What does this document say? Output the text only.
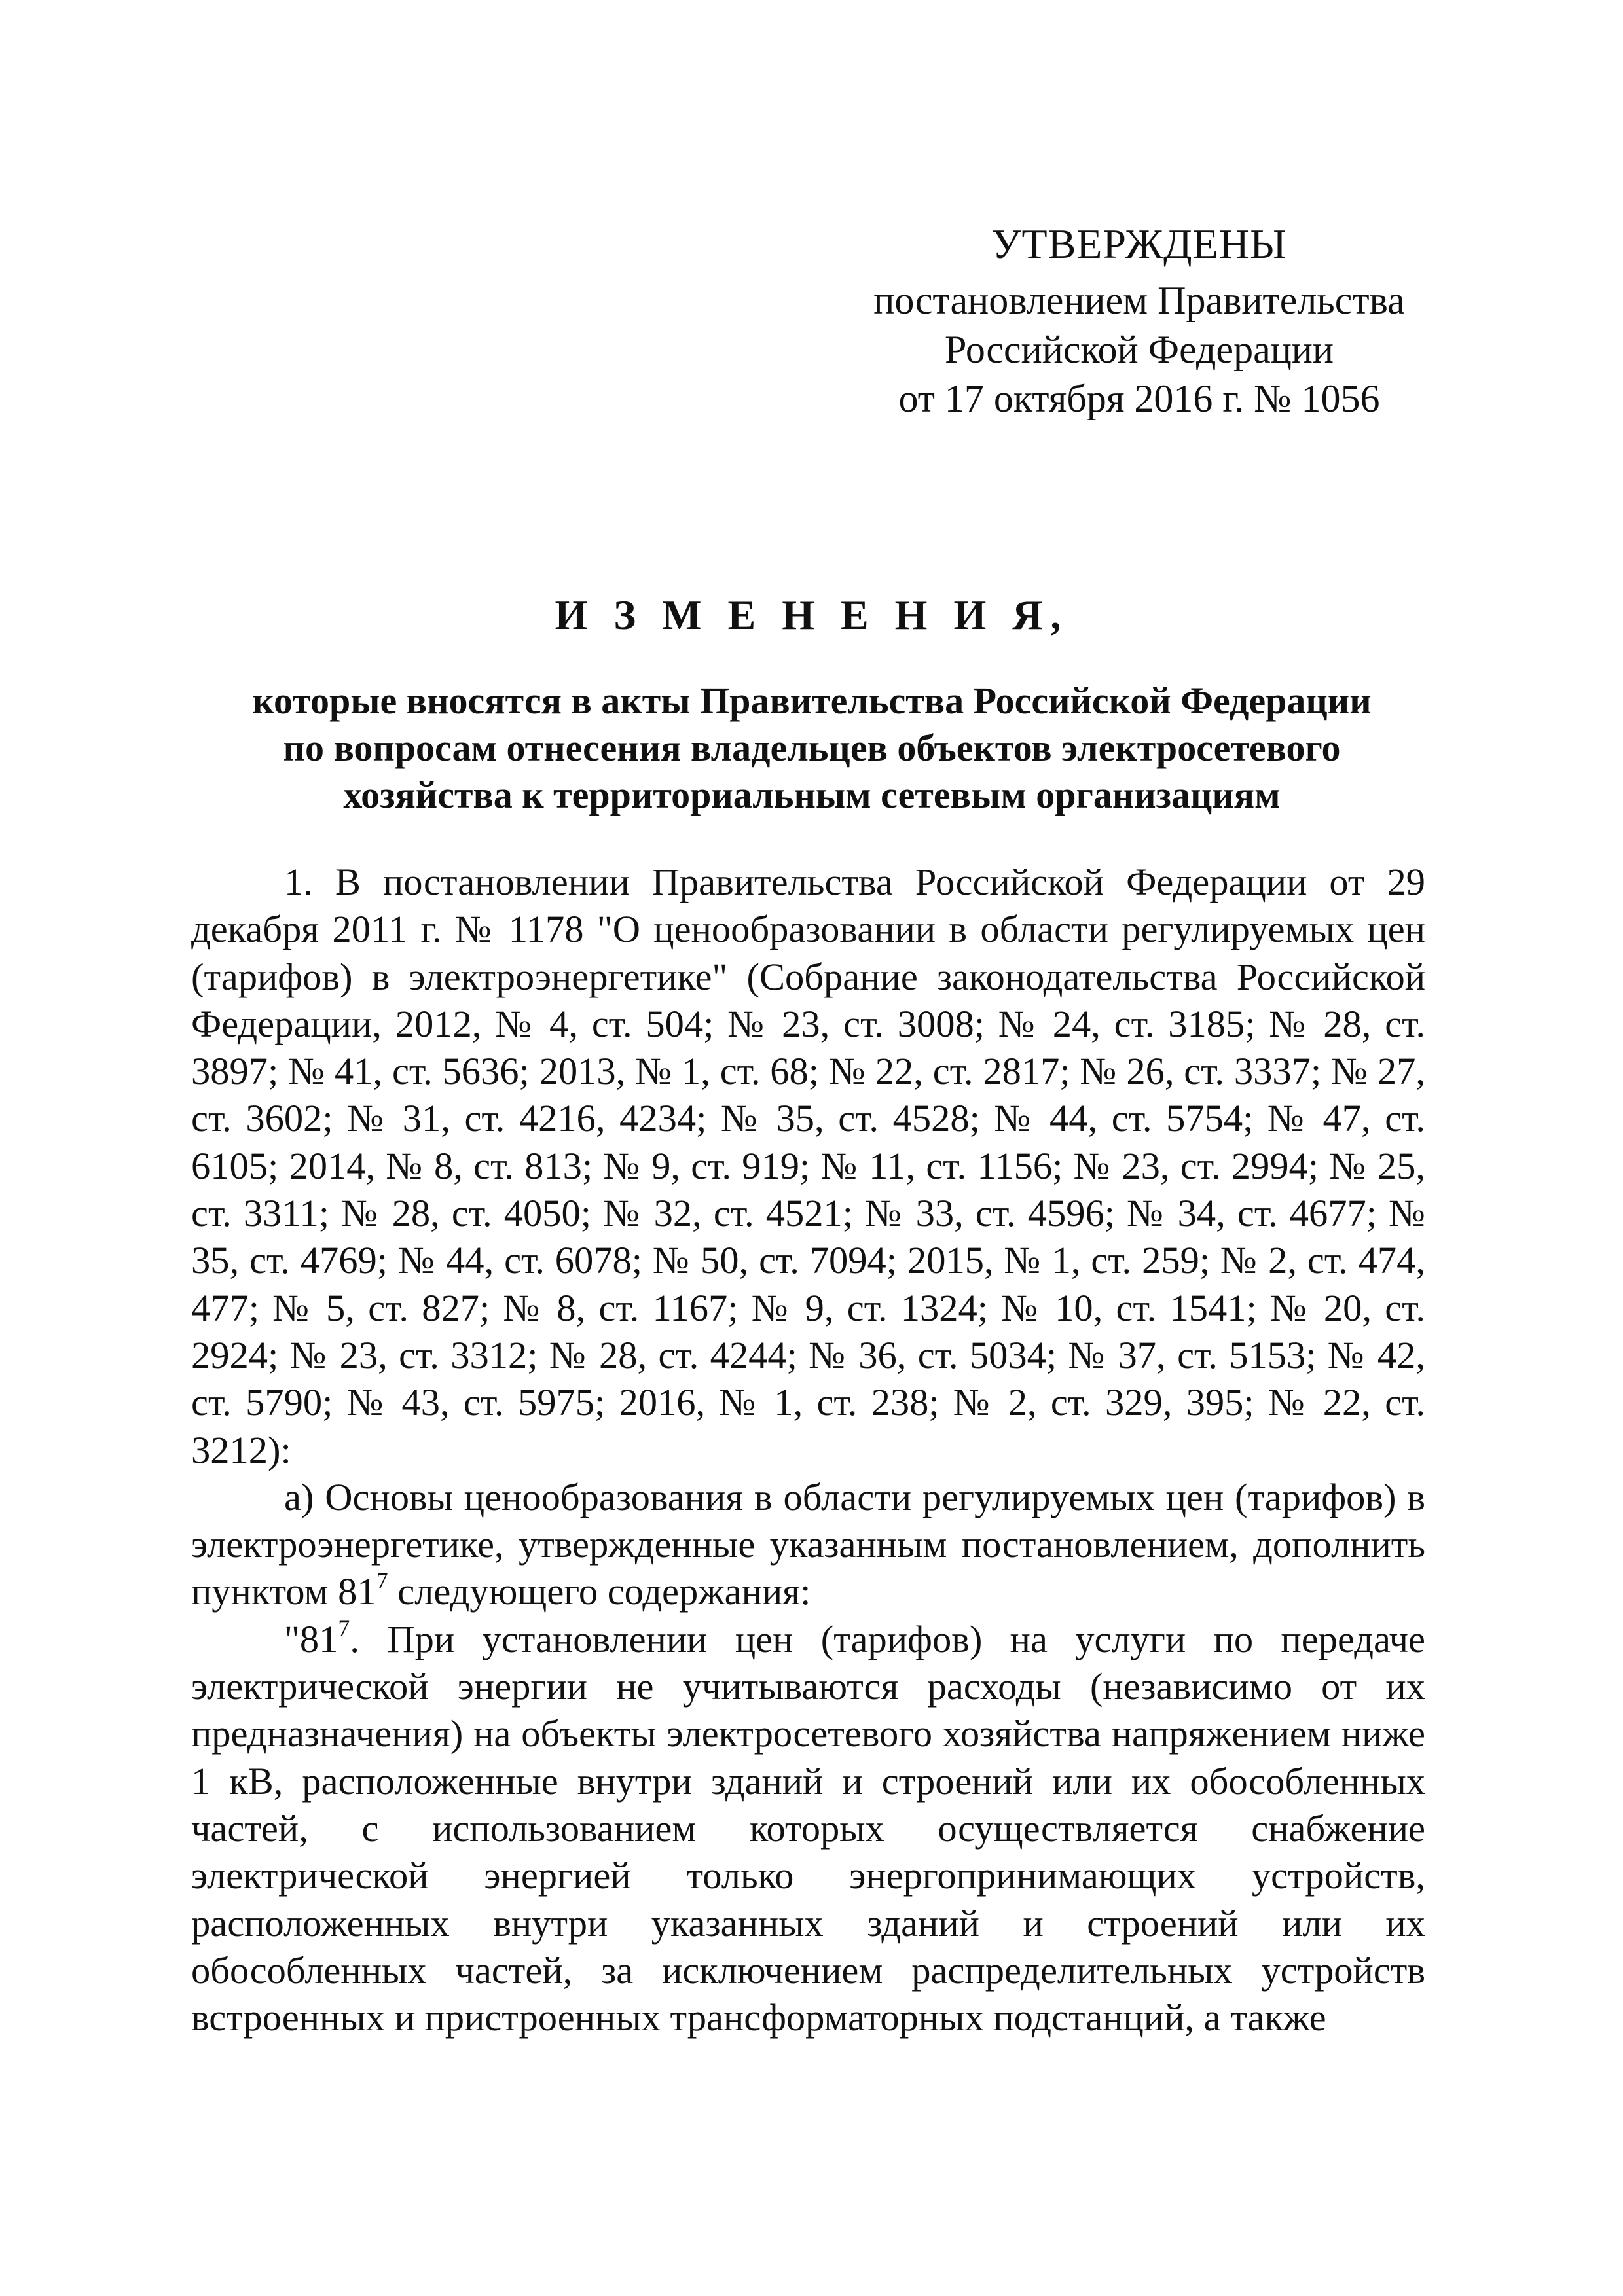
УТВЕРЖДЕНЫ
постановлением Правительства
Российской Федерации
от 17 октября 2016 г. № 1056
И З М Е Н Е Н И Я,
которые вносятся в акты Правительства Российской Федерации
по вопросам отнесения владельцев объектов электросетевого
хозяйства к территориальным сетевым организациям

1. В постановлении Правительства Российской Федерации от 29 декабря 2011 г. № 1178 "О ценообразовании в области регулируемых цен (тарифов) в электроэнергетике" (Собрание законодательства Российской Федерации, 2012, № 4, ст. 504; № 23, ст. 3008; № 24, ст. 3185; № 28, ст. 3897; № 41, ст. 5636; 2013, № 1, ст. 68; № 22, ст. 2817; № 26, ст. 3337; № 27, ст. 3602; № 31, ст. 4216, 4234; № 35, ст. 4528; № 44, ст. 5754; № 47, ст. 6105; 2014, № 8, ст. 813; № 9, ст. 919; № 11, ст. 1156; № 23, ст. 2994; № 25, ст. 3311; № 28, ст. 4050; № 32, ст. 4521; № 33, ст. 4596; № 34, ст. 4677; № 35, ст. 4769; № 44, ст. 6078; № 50, ст. 7094; 2015, № 1, ст. 259; № 2, ст. 474, 477; № 5, ст. 827; № 8, ст. 1167; № 9, ст. 1324; № 10, ст. 1541; № 20, ст. 2924; № 23, ст. 3312; № 28, ст. 4244; № 36, ст. 5034; № 37, ст. 5153; № 42, ст. 5790; № 43, ст. 5975; 2016, № 1, ст. 238; № 2, ст. 329, 395; № 22, ст. 3212):

а) Основы ценообразования в области регулируемых цен (тарифов) в электроэнергетике, утвержденные указанным постановлением, дополнить пунктом $81^7$ следующего содержания:

"$81^7$. При установлении цен (тарифов) на услуги по передаче электрической энергии не учитываются расходы (независимо от их предназначения) на объекты электросетевого хозяйства напряжением ниже 1 кВ, расположенные внутри зданий и строений или их обособленных частей, с использованием которых осуществляется снабжение электрической энергией только энергопринимающих устройств, расположенных внутри указанных зданий и строений или их обособленных частей, за исключением распределительных устройств встроенных и пристроенных трансформаторных подстанций, а также
